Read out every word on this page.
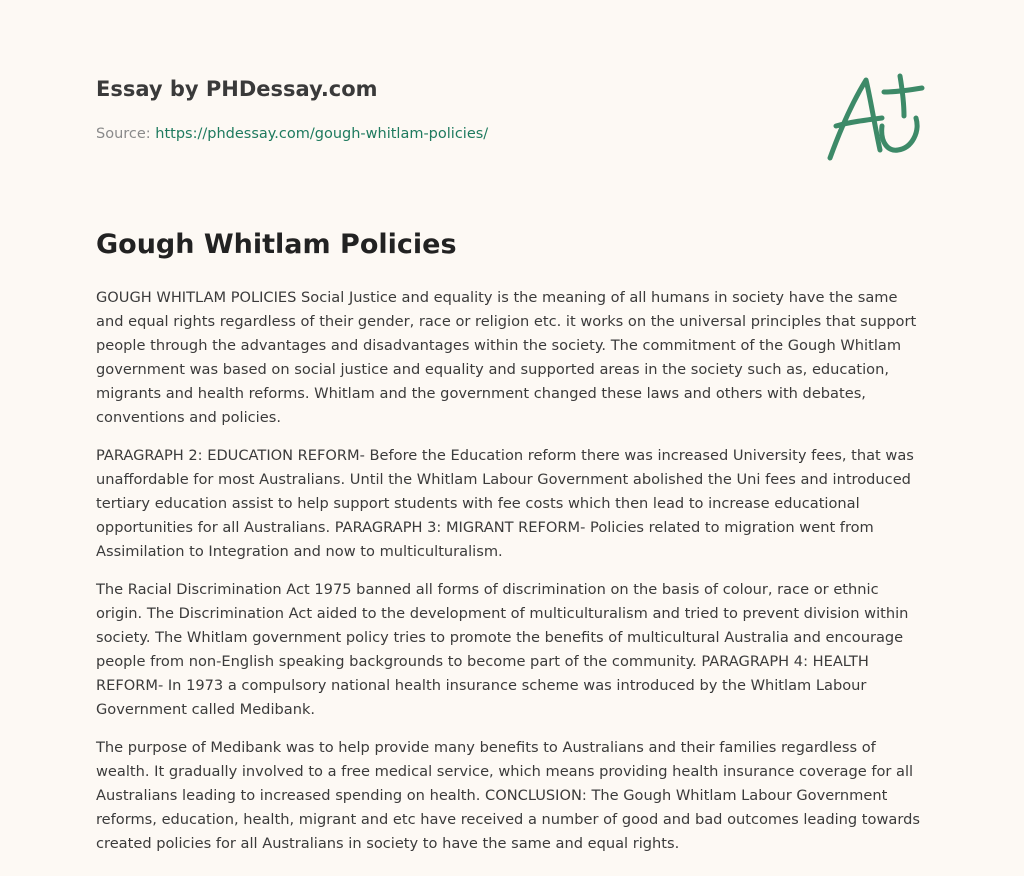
Essay by PHDessay.com
Source: https://phdessay.com/gough-whitlam-policies/
Gough Whitlam Policies

GOUGH WHITLAM POLICIES Social Justice and equality is the meaning of all humans in society have the same and equal rights regardless of their gender, race or religion etc. it works on the universal principles that support people through the advantages and disadvantages within the society. The commitment of the Gough Whitlam government was based on social justice and equality and supported areas in the society such as, education, migrants and health reforms. Whitlam and the government changed these laws and others with debates, conventions and policies.

PARAGRAPH 2: EDUCATION REFORM- Before the Education reform there was increased University fees, that was unaffordable for most Australians. Until the Whitlam Labour Government abolished the Uni fees and introduced tertiary education assist to help support students with fee costs which then lead to increase educational opportunities for all Australians. PARAGRAPH 3: MIGRANT REFORM- Policies related to migration went from Assimilation to Integration and now to multiculturalism.

The Racial Discrimination Act 1975 banned all forms of discrimination on the basis of colour, race or ethnic origin. The Discrimination Act aided to the development of multiculturalism and tried to prevent division within society. The Whitlam government policy tries to promote the benefits of multicultural Australia and encourage people from non-English speaking backgrounds to become part of the community. PARAGRAPH 4: HEALTH REFORM- In 1973 a compulsory national health insurance scheme was introduced by the Whitlam Labour Government called Medibank.

The purpose of Medibank was to help provide many benefits to Australians and their families regardless of wealth. It gradually involved to a free medical service, which means providing health insurance coverage for all Australians leading to increased spending on health. CONCLUSION: The Gough Whitlam Labour Government reforms, education, health, migrant and etc have received a number of good and bad outcomes leading towards created policies for all Australians in society to have the same and equal rights.
